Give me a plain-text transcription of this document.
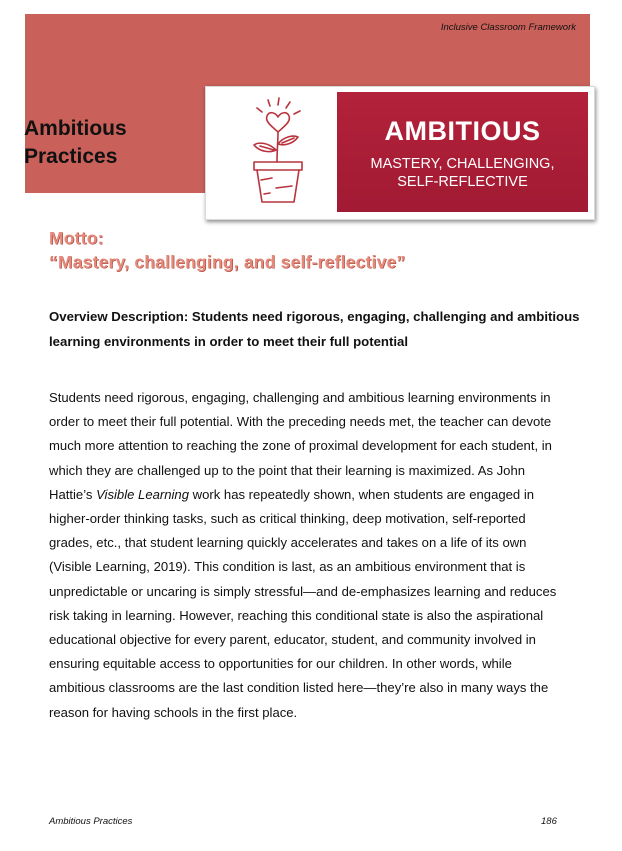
Inclusive Classroom Framework
Ambitious
Practices
AMBITIOUS
MASTERY, CHALLENGING,
SELF-REFLECTIVE
Motto:
“Mastery, challenging, and self-reflective”
Overview Description: Students need rigorous, engaging, challenging and ambitious learning environments in order to meet their full potential

Students need rigorous, engaging, challenging and ambitious learning environments in order to meet their full potential. With the preceding needs met, the teacher can devote much more attention to reaching the zone of proximal development for each student, in which they are challenged up to the point that their learning is maximized. As John Hattie’s Visible Learning work has repeatedly shown, when students are engaged in higher-order thinking tasks, such as critical thinking, deep motivation, self-reported grades, etc., that student learning quickly accelerates and takes on a life of its own (Visible Learning, 2019). This condition is last, as an ambitious environment that is unpredictable or uncaring is simply stressful—and de-emphasizes learning and reduces risk taking in learning. However, reaching this conditional state is also the aspirational educational objective for every parent, educator, student, and community involved in ensuring equitable access to opportunities for our children. In other words, while ambitious classrooms are the last condition listed here—they’re also in many ways the reason for having schools in the first place.

Ambitious Practices	186
